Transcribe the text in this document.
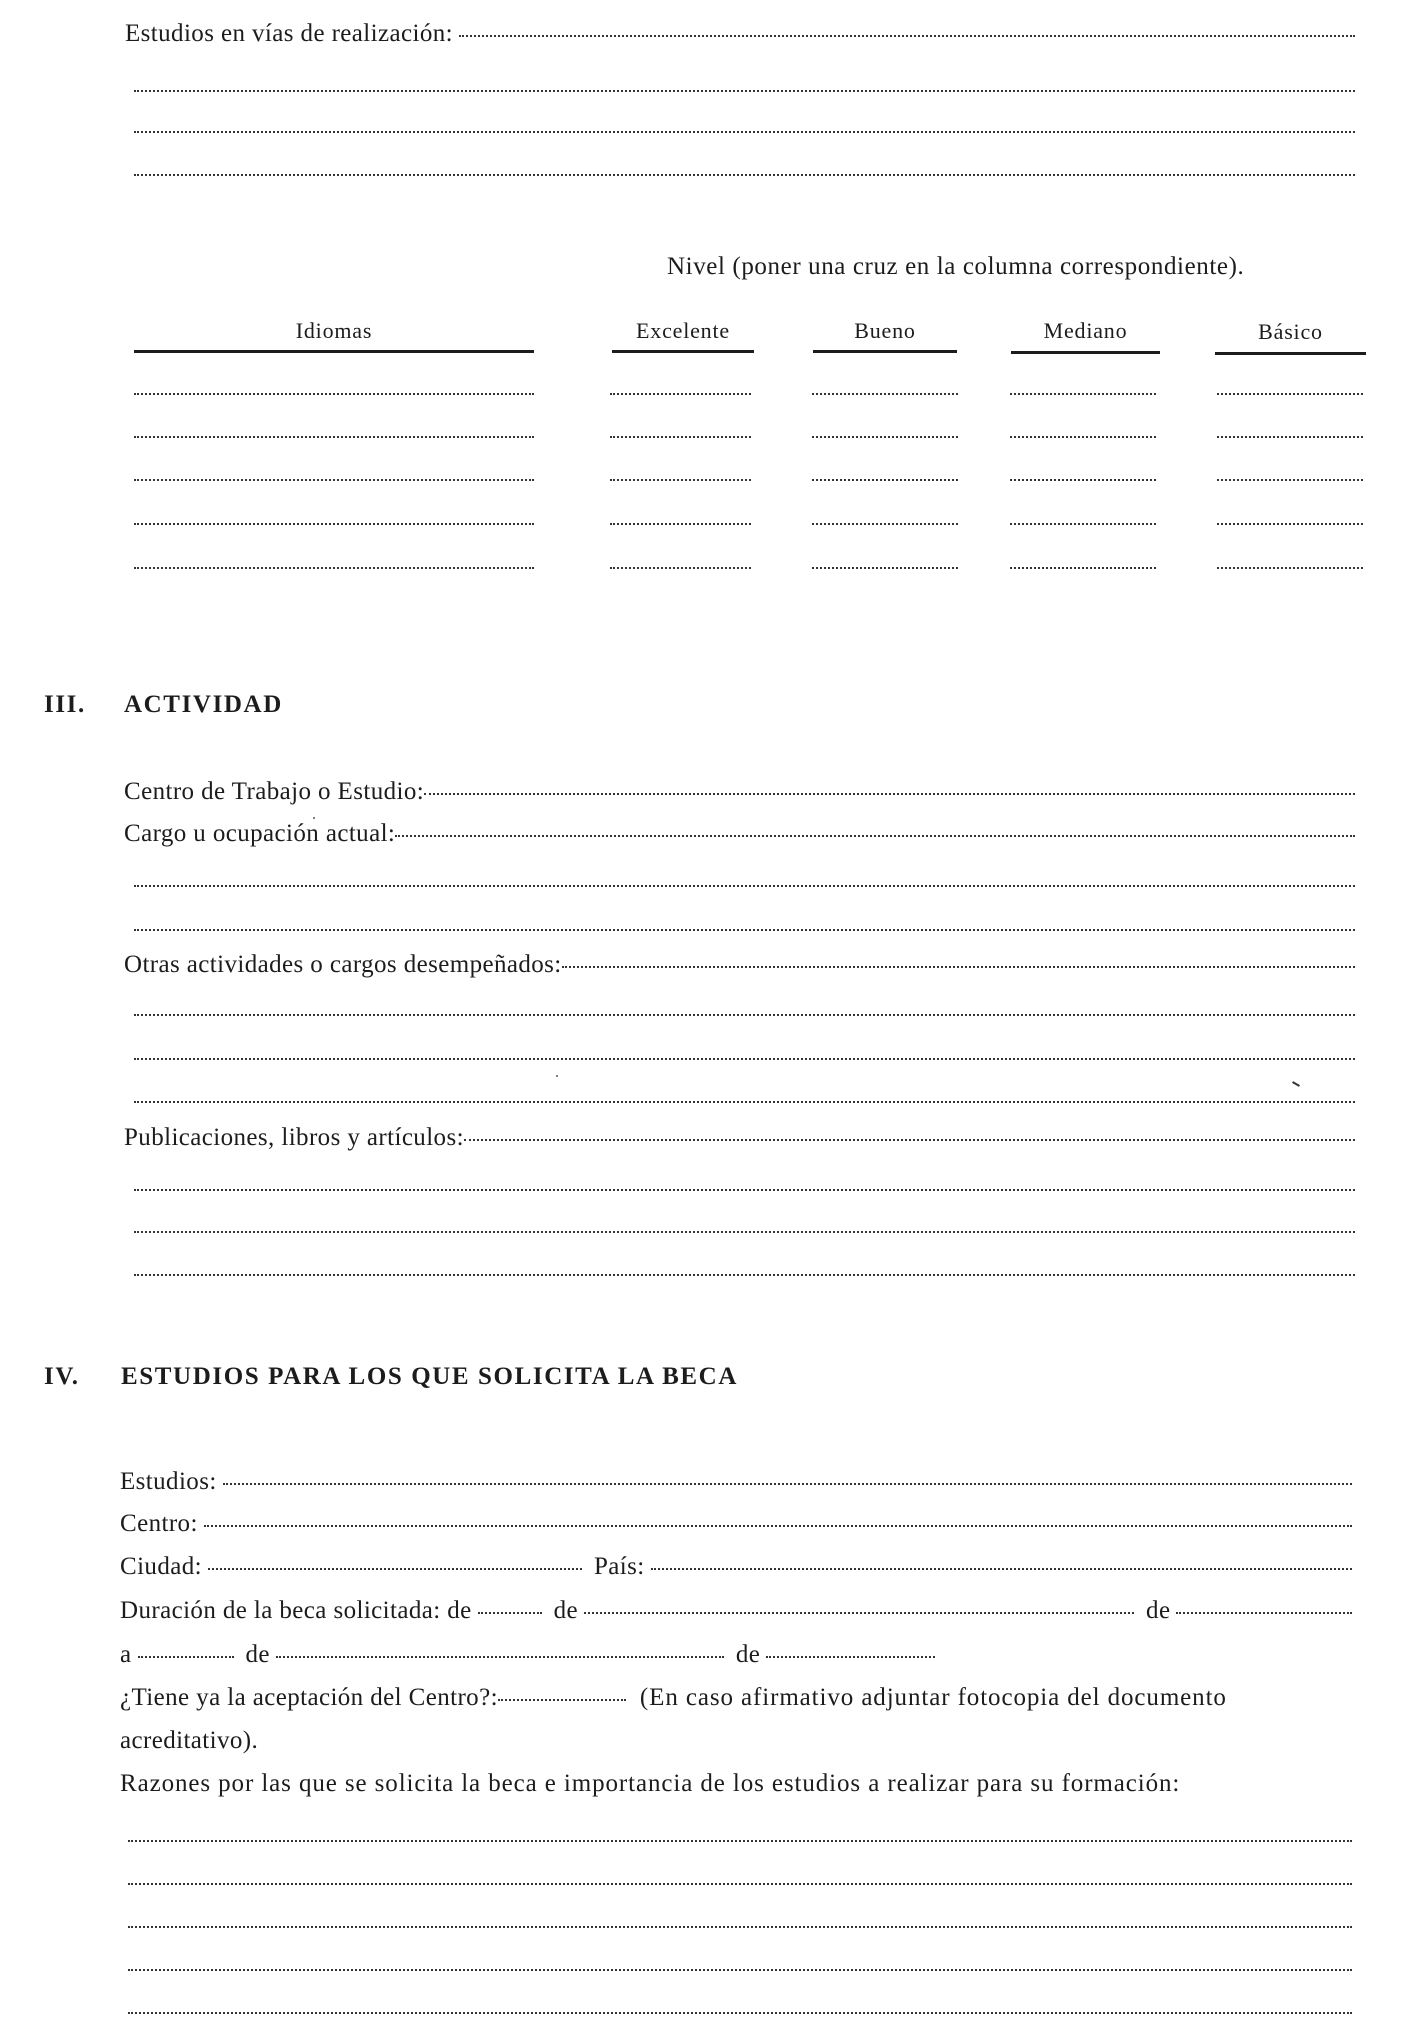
Estudios en vías de realización:
Nivel (poner una cruz en la columna correspondiente).
Idiomas	Excelente	Bueno	Mediano	Básico
III. ACTIVIDAD
Centro de Trabajo o Estudio:
Cargo u ocupación actual:
Otras actividades o cargos desempeñados:
Publicaciones, libros y artículos:
IV. ESTUDIOS PARA LOS QUE SOLICITA LA BECA
Estudios:
Centro:
Ciudad:	País:
Duración de la beca solicitada: de	de	de
a	de	de
¿Tiene ya la aceptación del Centro?:	(En caso afirmativo adjuntar fotocopia del documento
acreditativo).
Razones por las que se solicita la beca e importancia de los estudios a realizar para su formación:
